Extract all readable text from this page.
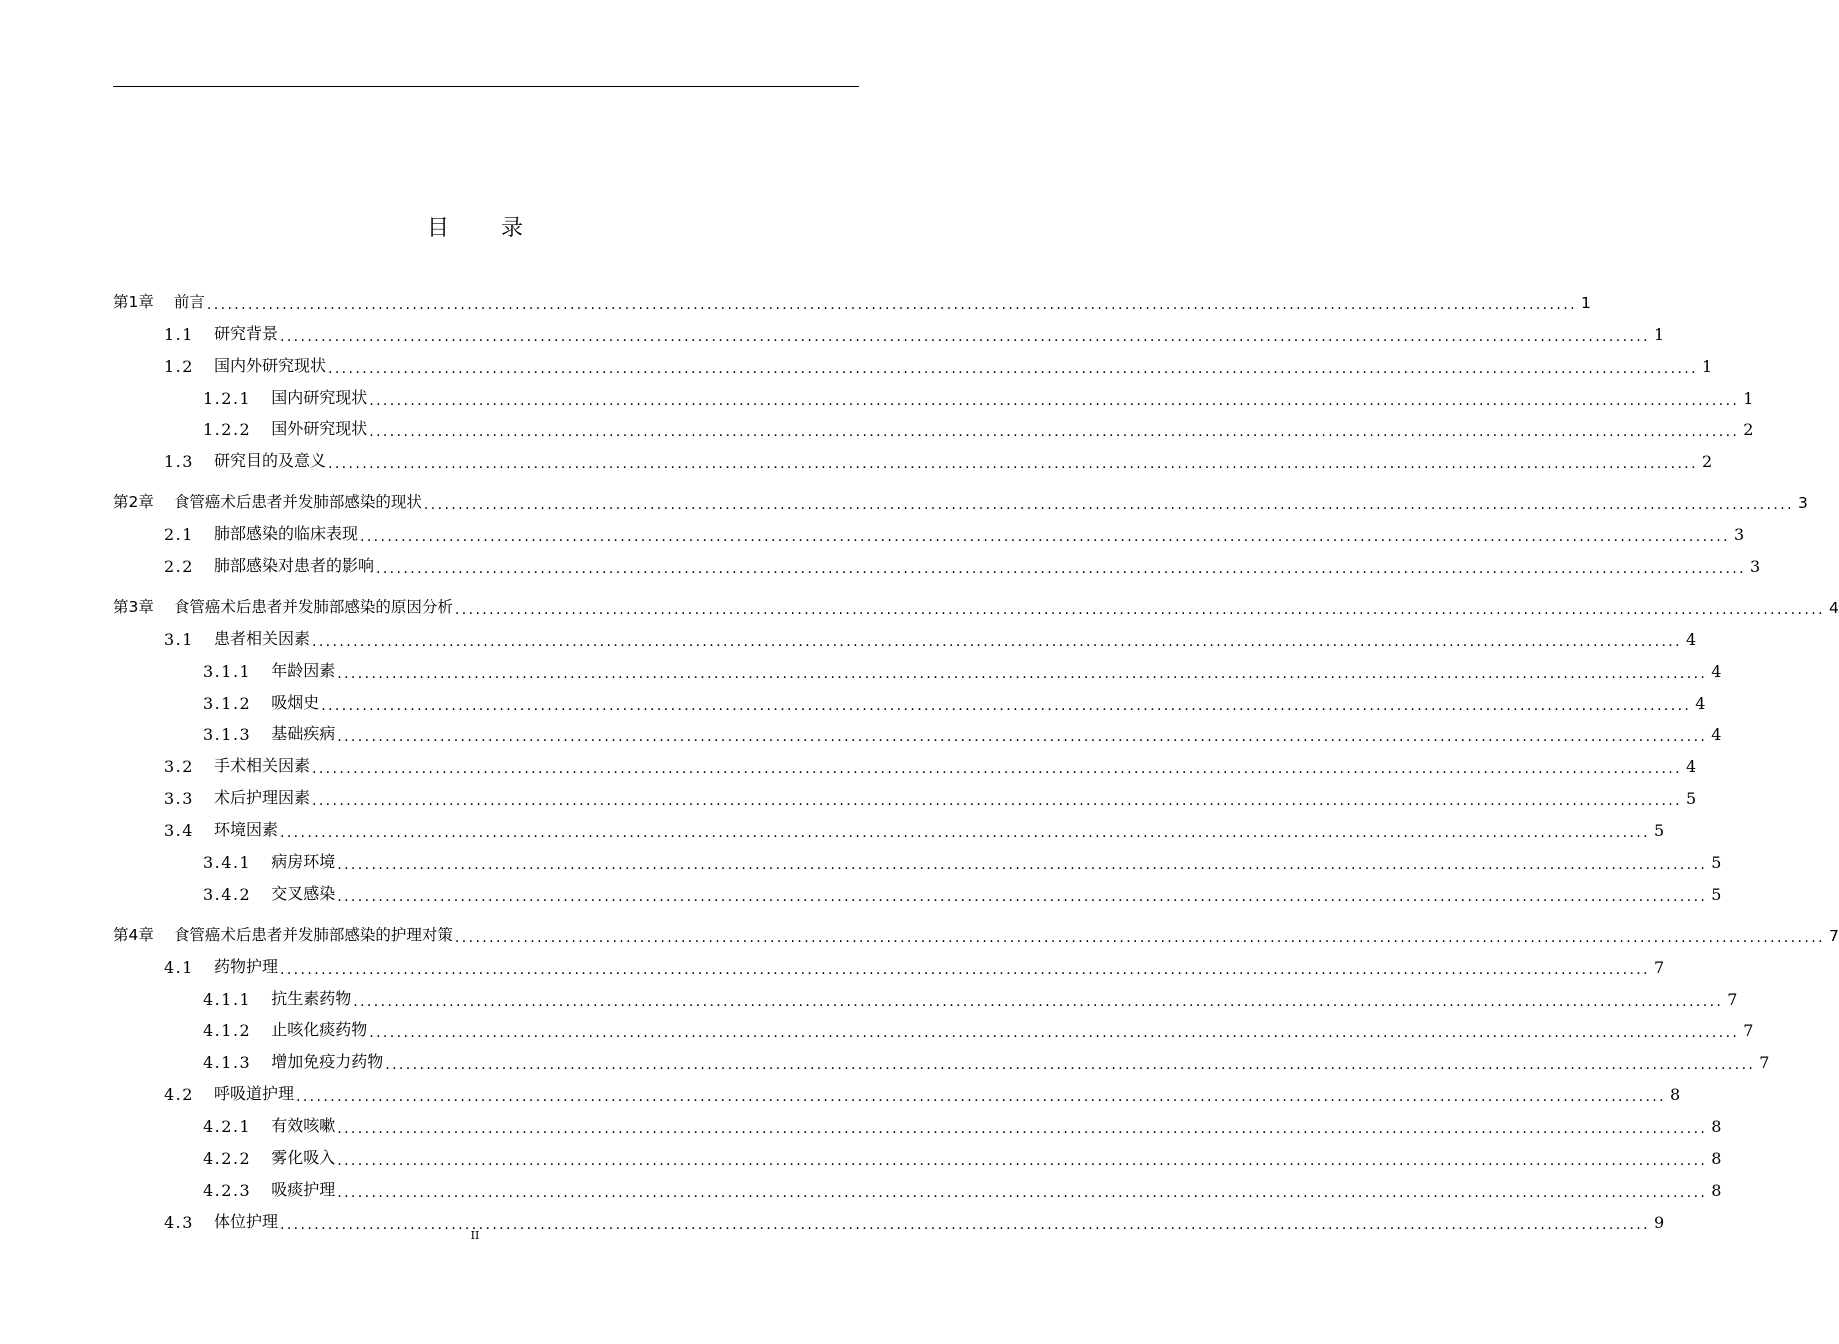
目 录
第1章 前言 ........................................................................................................................................................................................................ 1
1.1 研究背景 ........................................................................................................................................................................................................ 1
1.2 国内外研究现状 ........................................................................................................................................................................................................ 1
1.2.1 国内研究现状 ........................................................................................................................................................................................................ 1
1.2.2 国外研究现状 ........................................................................................................................................................................................................ 2
1.3 研究目的及意义 ........................................................................................................................................................................................................ 2
第2章 食管癌术后患者并发肺部感染的现状 ........................................................................................................................................................................................................ 3
2.1 肺部感染的临床表现 ........................................................................................................................................................................................................ 3
2.2 肺部感染对患者的影响 ........................................................................................................................................................................................................ 3
第3章 食管癌术后患者并发肺部感染的原因分析 ........................................................................................................................................................................................................ 4
3.1 患者相关因素 ........................................................................................................................................................................................................ 4
3.1.1 年龄因素 ........................................................................................................................................................................................................ 4
3.1.2 吸烟史 ........................................................................................................................................................................................................ 4
3.1.3 基础疾病 ........................................................................................................................................................................................................ 4
3.2 手术相关因素 ........................................................................................................................................................................................................ 4
3.3 术后护理因素 ........................................................................................................................................................................................................ 5
3.4 环境因素 ........................................................................................................................................................................................................ 5
3.4.1 病房环境 ........................................................................................................................................................................................................ 5
3.4.2 交叉感染 ........................................................................................................................................................................................................ 5
第4章 食管癌术后患者并发肺部感染的护理对策 ........................................................................................................................................................................................................ 7
4.1 药物护理 ........................................................................................................................................................................................................ 7
4.1.1 抗生素药物 ........................................................................................................................................................................................................ 7
4.1.2 止咳化痰药物 ........................................................................................................................................................................................................ 7
4.1.3 增加免疫力药物 ........................................................................................................................................................................................................ 7
4.2 呼吸道护理 ........................................................................................................................................................................................................ 8
4.2.1 有效咳嗽 ........................................................................................................................................................................................................ 8
4.2.2 雾化吸入 ........................................................................................................................................................................................................ 8
4.2.3 吸痰护理 ........................................................................................................................................................................................................ 8
4.3 体位护理 ........................................................................................................................................................................................................ 9
II
